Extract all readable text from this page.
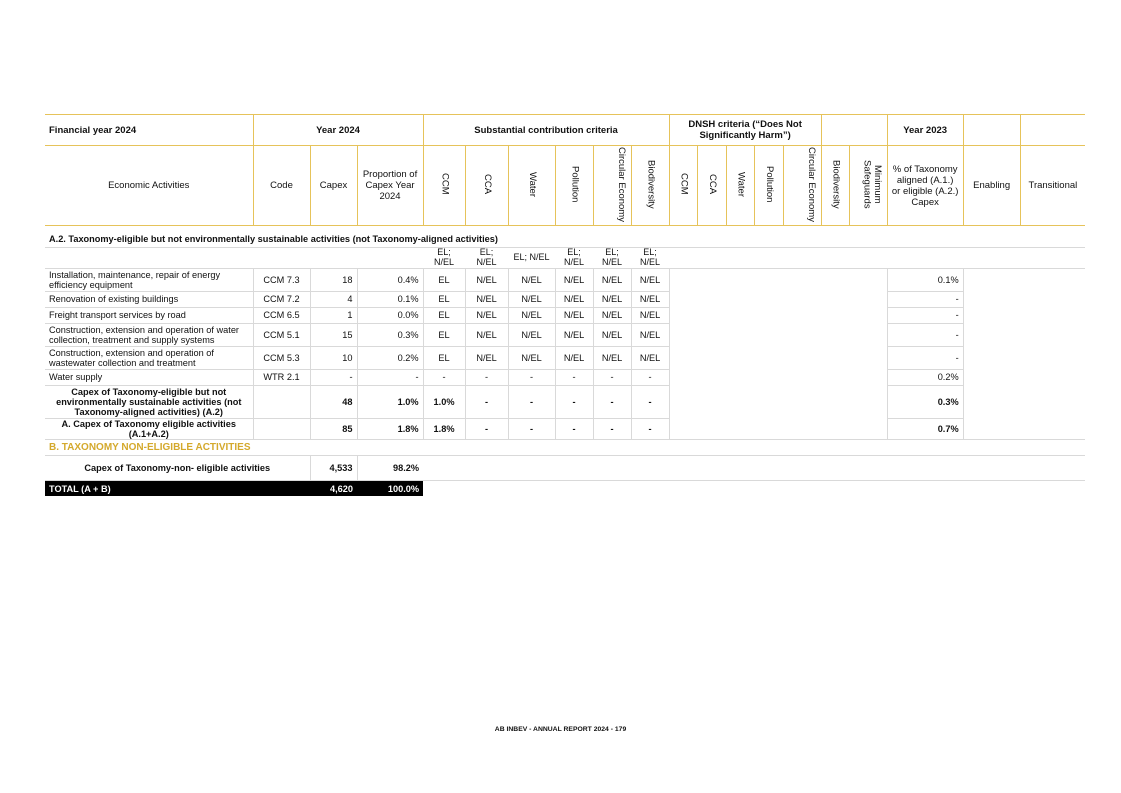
Financial year 2024	Year 2024			Substantial contribution criteria						DNSH criteria (“Does Not Significantly Harm”)							Year 2023		
Economic Activities	Code	Capex	Proportion of Capex Year 2024	CCM	CCA	Water	Pollution	Circular Economy	Biodiversity	CCM	CCA	Water	Pollution	Circular Economy	Biodiversity	Minimum Safeguards	% of Taxonomy aligned (A.1.) or eligible (A.2.) Capex	Enabling	Transitional
A.2. Taxonomy-eligible but not environmentally sustainable activities (not Taxonomy-aligned activities)																			
				EL; N/EL	EL; N/EL	EL; N/EL	EL; N/EL	EL; N/EL	EL; N/EL										
Installation, maintenance, repair of energy efficiency equipment	CCM 7.3	18	0.4%	EL	N/EL	N/EL	N/EL	N/EL	N/EL								0.1%		
Renovation of existing buildings	CCM 7.2	4	0.1%	EL	N/EL	N/EL	N/EL	N/EL	N/EL								-		
Freight transport services by road	CCM 6.5	1	0.0%	EL	N/EL	N/EL	N/EL	N/EL	N/EL								-		
Construction, extension and operation of water collection, treatment and supply systems	CCM 5.1	15	0.3%	EL	N/EL	N/EL	N/EL	N/EL	N/EL								-		
Construction, extension and operation of wastewater collection and treatment	CCM 5.3	10	0.2%	EL	N/EL	N/EL	N/EL	N/EL	N/EL								-		
Water supply	WTR 2.1	-	-	-	-	-	-	-	-								0.2%		
Capex of Taxonomy-eligible but not environmentally sustainable activities (not Taxonomy-aligned activities) (A.2)		48	1.0%	1.0%	-	-	-	-	-								0.3%		
A. Capex of Taxonomy eligible activities (A.1+A.2)		85	1.8%	1.8%	-	-	-	-	-								0.7%		
B. TAXONOMY NON-ELIGIBLE ACTIVITIES																			
Capex of Taxonomy-non- eligible activities		4,533	98.2%																
TOTAL (A + B)		4,620	100.0%																
AB INBEV - ANNUAL REPORT 2024 - 179
